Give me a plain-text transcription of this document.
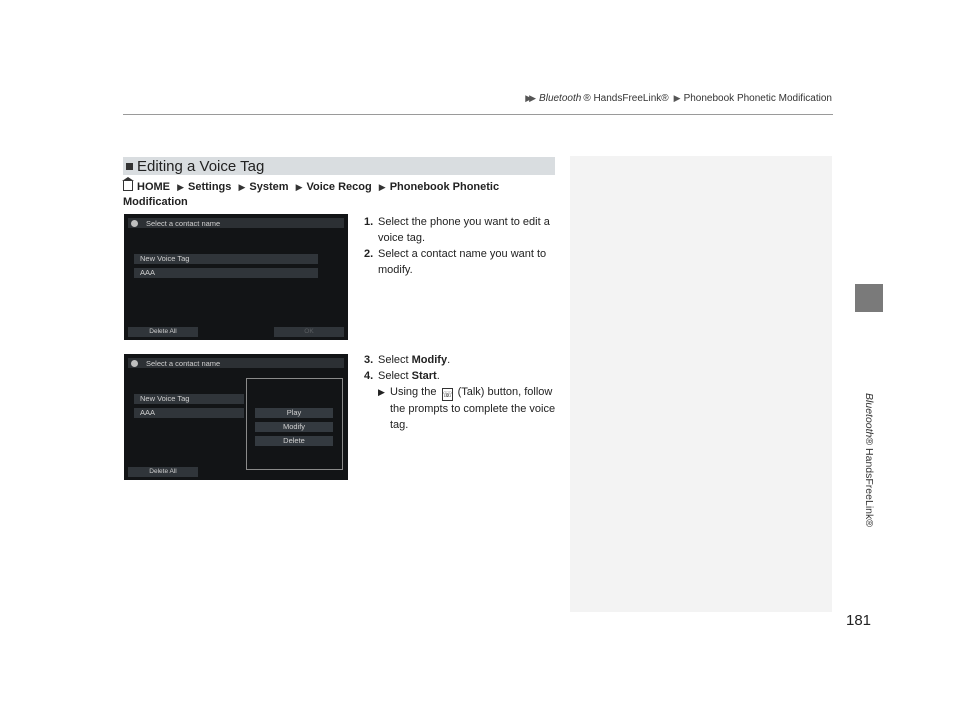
▶▶ Bluetooth ® HandsFreeLink® ▶ Phonebook Phonetic Modification
Bluetooth® HandsFreeLink®
181
Editing a Voice Tag
HOME ▶ Settings ▶ System ▶ Voice Recog ▶ Phonebook Phonetic Modification
1. Select the phone you want to edit a voice tag.
2. Select a contact name you want to modify.
3. Select Modify.
4. Select Start.
▶ Using the ☏ (Talk) button, follow the prompts to complete the voice tag.
Select a contact name
New Voice Tag
AAA
Delete All	OK
Select a contact name
New Voice Tag
AAA
Delete All
Play
Modify
Delete
